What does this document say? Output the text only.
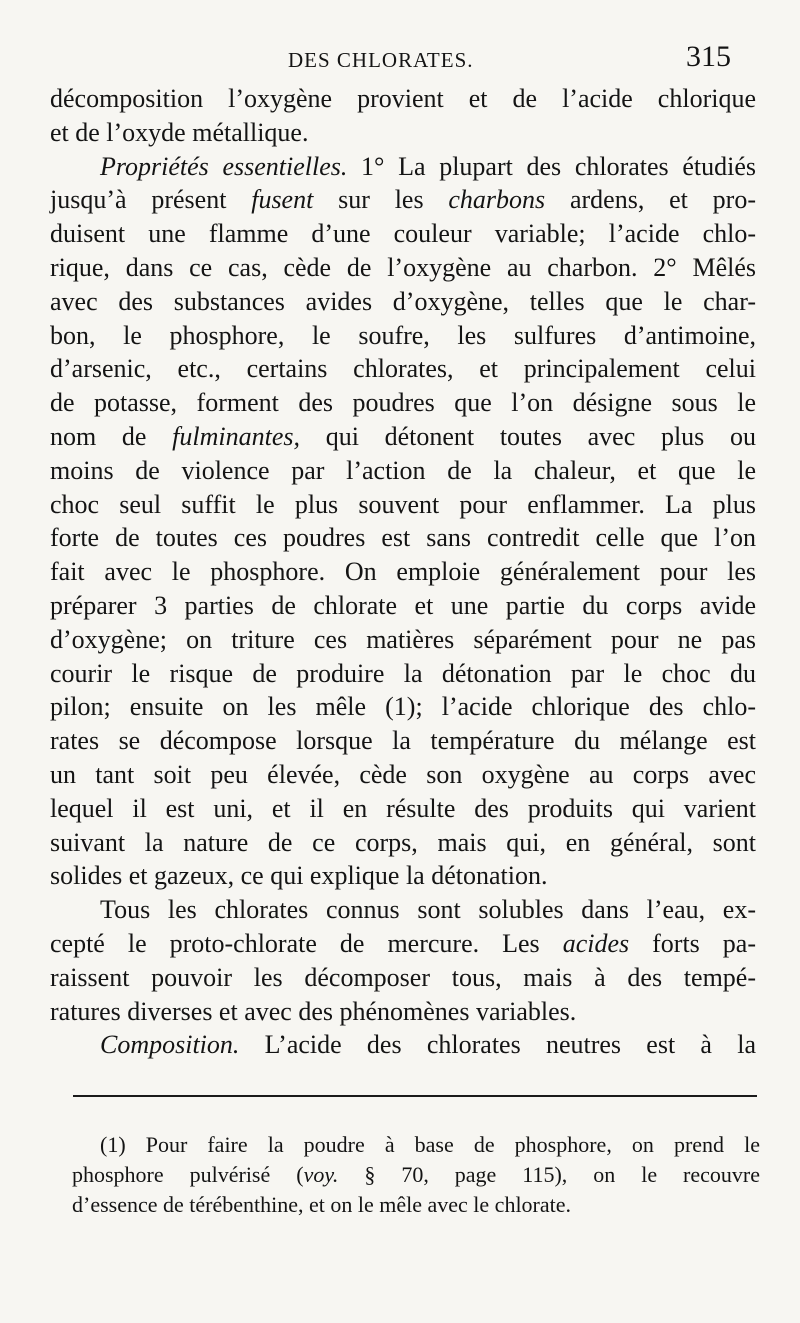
DES CHLORATES.	315
décomposition l’oxygène provient et de l’acide chlorique
et de l’oxyde métallique.
Propriétés essentielles. 1° La plupart des chlorates étudiés
jusqu’à présent fusent sur les charbons ardens, et pro-
duisent une flamme d’une couleur variable; l’acide chlo-
rique, dans ce cas, cède de l’oxygène au charbon. 2° Mêlés
avec des substances avides d’oxygène, telles que le char-
bon, le phosphore, le soufre, les sulfures d’antimoine,
d’arsenic, etc., certains chlorates, et principalement celui
de potasse, forment des poudres que l’on désigne sous le
nom de fulminantes, qui détonent toutes avec plus ou
moins de violence par l’action de la chaleur, et que le
choc seul suffit le plus souvent pour enflammer. La plus
forte de toutes ces poudres est sans contredit celle que l’on
fait avec le phosphore. On emploie généralement pour les
préparer 3 parties de chlorate et une partie du corps avide
d’oxygène; on triture ces matières séparément pour ne pas
courir le risque de produire la détonation par le choc du
pilon; ensuite on les mêle (1); l’acide chlorique des chlo-
rates se décompose lorsque la température du mélange est
un tant soit peu élevée, cède son oxygène au corps avec
lequel il est uni, et il en résulte des produits qui varient
suivant la nature de ce corps, mais qui, en général, sont
solides et gazeux, ce qui explique la détonation.
Tous les chlorates connus sont solubles dans l’eau, ex-
cepté le proto-chlorate de mercure. Les acides forts pa-
raissent pouvoir les décomposer tous, mais à des tempé-
ratures diverses et avec des phénomènes variables.
Composition. L’acide des chlorates neutres est à la
(1) Pour faire la poudre à base de phosphore, on prend le
phosphore pulvérisé (voy. § 70, page 115), on le recouvre
d’essence de térébenthine, et on le mêle avec le chlorate.
